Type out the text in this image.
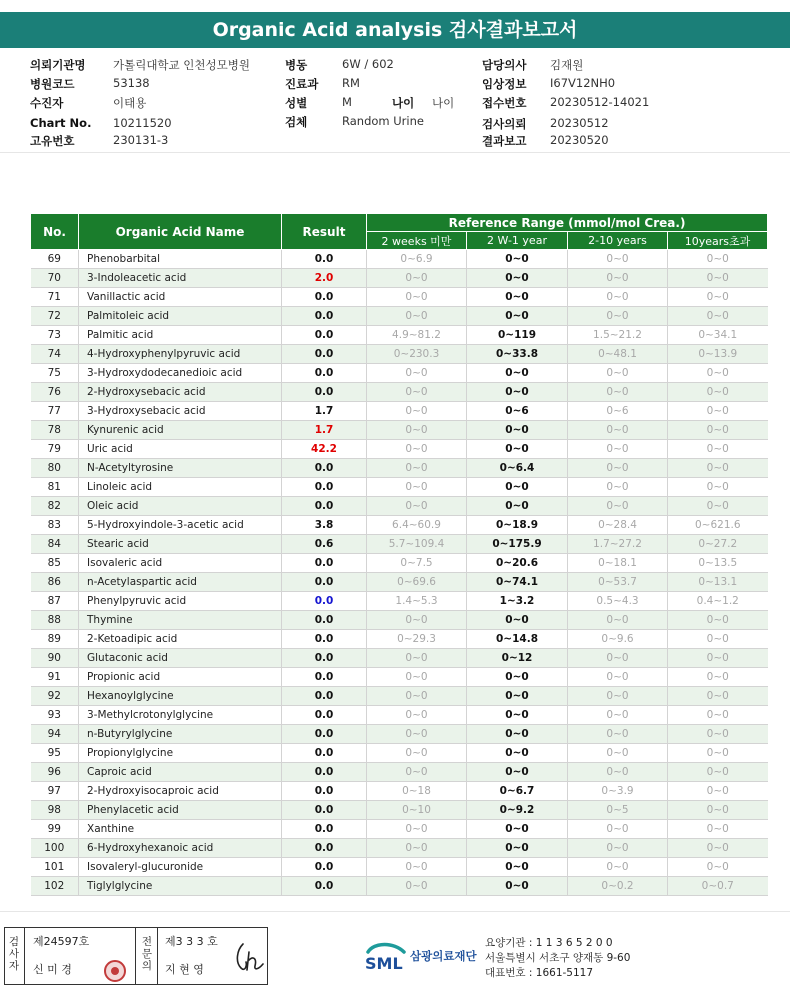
Organic Acid analysis 검사결과보고서
의뢰기관명 가톨릭대학교 인천성모병원
병원코드	53138
수진자	이태용
Chart No. 10211520
고유번호	230131-3
병동	6W / 602
진료과 RM
성별	M	나이 나이
검체	Random Urine
담당의사 김재원
임상정보 I67V12NH0
접수번호 20230512-14021
검사의뢰 20230512
결과보고 20230520
No.	Organic Acid Name	Result	Reference Range (mmol/mol Crea.)			
			2 weeks 미만	2 W-1 year	2-10 years	10years초과
69	Phenobarbital	0.0	0~6.9	0~0	0~0	0~0
70	3-Indoleacetic acid	2.0	0~0	0~0	0~0	0~0
71	Vanillactic acid	0.0	0~0	0~0	0~0	0~0
72	Palmitoleic acid	0.0	0~0	0~0	0~0	0~0
73	Palmitic acid	0.0	4.9~81.2	0~119	1.5~21.2	0~34.1
74	4-Hydroxyphenylpyruvic acid	0.0	0~230.3	0~33.8	0~48.1	0~13.9
75	3-Hydroxydodecanedioic acid	0.0	0~0	0~0	0~0	0~0
76	2-Hydroxysebacic acid	0.0	0~0	0~0	0~0	0~0
77	3-Hydroxysebacic acid	1.7	0~0	0~6	0~6	0~0
78	Kynurenic acid	1.7	0~0	0~0	0~0	0~0
79	Uric acid	42.2	0~0	0~0	0~0	0~0
80	N-Acetyltyrosine	0.0	0~0	0~6.4	0~0	0~0
81	Linoleic acid	0.0	0~0	0~0	0~0	0~0
82	Oleic acid	0.0	0~0	0~0	0~0	0~0
83	5-Hydroxyindole-3-acetic acid	3.8	6.4~60.9	0~18.9	0~28.4	0~621.6
84	Stearic acid	0.6	5.7~109.4	0~175.9	1.7~27.2	0~27.2
85	Isovaleric acid	0.0	0~7.5	0~20.6	0~18.1	0~13.5
86	n-Acetylaspartic acid	0.0	0~69.6	0~74.1	0~53.7	0~13.1
87	Phenylpyruvic acid	0.0	1.4~5.3	1~3.2	0.5~4.3	0.4~1.2
88	Thymine	0.0	0~0	0~0	0~0	0~0
89	2-Ketoadipic acid	0.0	0~29.3	0~14.8	0~9.6	0~0
90	Glutaconic acid	0.0	0~0	0~12	0~0	0~0
91	Propionic acid	0.0	0~0	0~0	0~0	0~0
92	Hexanoylglycine	0.0	0~0	0~0	0~0	0~0
93	3-Methylcrotonylglycine	0.0	0~0	0~0	0~0	0~0
94	n-Butyrylglycine	0.0	0~0	0~0	0~0	0~0
95	Propionylglycine	0.0	0~0	0~0	0~0	0~0
96	Caproic acid	0.0	0~0	0~0	0~0	0~0
97	2-Hydroxyisocaproic acid	0.0	0~18	0~6.7	0~3.9	0~0
98	Phenylacetic acid	0.0	0~10	0~9.2	0~5	0~0
99	Xanthine	0.0	0~0	0~0	0~0	0~0
100	6-Hydroxyhexanoic acid	0.0	0~0	0~0	0~0	0~0
101	Isovaleryl-glucuronide	0.0	0~0	0~0	0~0	0~0
102	Tiglylglycine	0.0	0~0	0~0	0~0.2	0~0.7
검사자
제24597호
신 미 경
전문의
제3 3 3 호
지 현 영	SML 삼광의료재단
요양기관 : 1 1 3 6 5 2 0 0
서울특별시 서초구 양재동 9-60
대표번호 : 1661-5117
